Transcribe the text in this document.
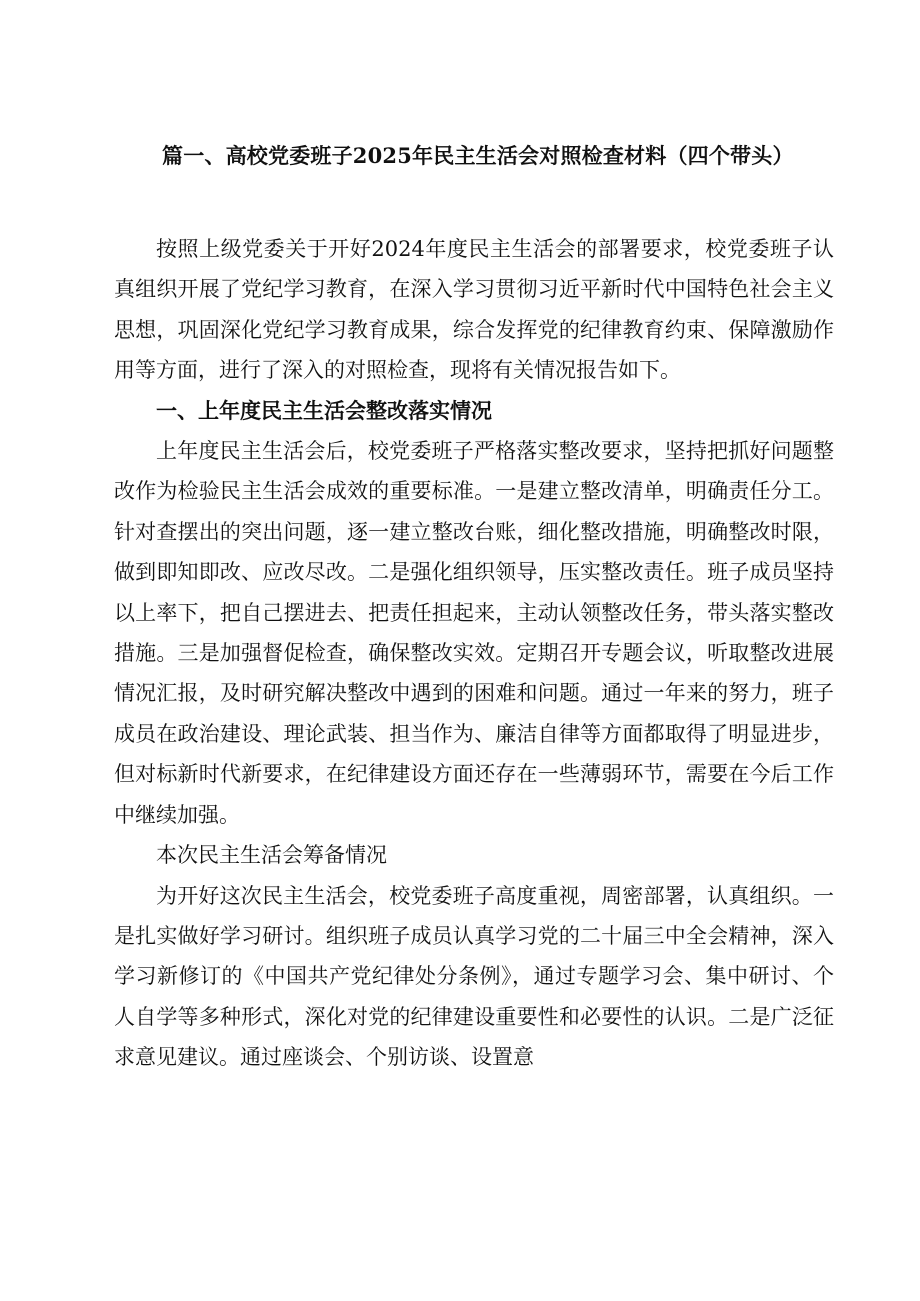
篇一、高校党委班子2025年民主生活会对照检查材料（四个带头）

按照上级党委关于开好2024年度民主生活会的部署要求，校党委班子认真组织开展了党纪学习教育，在深入学习贯彻习近平新时代中国特色社会主义思想，巩固深化党纪学习教育成果，综合发挥党的纪律教育约束、保障激励作用等方面，进行了深入的对照检查，现将有关情况报告如下。

一、上年度民主生活会整改落实情况

上年度民主生活会后，校党委班子严格落实整改要求，坚持把抓好问题整改作为检验民主生活会成效的重要标准。一是建立整改清单，明确责任分工。针对查摆出的突出问题，逐一建立整改台账，细化整改措施，明确整改时限，做到即知即改、应改尽改。二是强化组织领导，压实整改责任。班子成员坚持以上率下，把自己摆进去、把责任担起来，主动认领整改任务，带头落实整改措施。三是加强督促检查，确保整改实效。定期召开专题会议，听取整改进展情况汇报，及时研究解决整改中遇到的困难和问题。通过一年来的努力，班子成员在政治建设、理论武装、担当作为、廉洁自律等方面都取得了明显进步，但对标新时代新要求，在纪律建设方面还存在一些薄弱环节，需要在今后工作中继续加强。

本次民主生活会筹备情况

为开好这次民主生活会，校党委班子高度重视，周密部署，认真组织。一是扎实做好学习研讨。组织班子成员认真学习党的二十届三中全会精神，深入学习新修订的《中国共产党纪律处分条例》，通过专题学习会、集中研讨、个人自学等多种形式，深化对党的纪律建设重要性和必要性的认识。二是广泛征求意见建议。通过座谈会、个别访谈、设置意
